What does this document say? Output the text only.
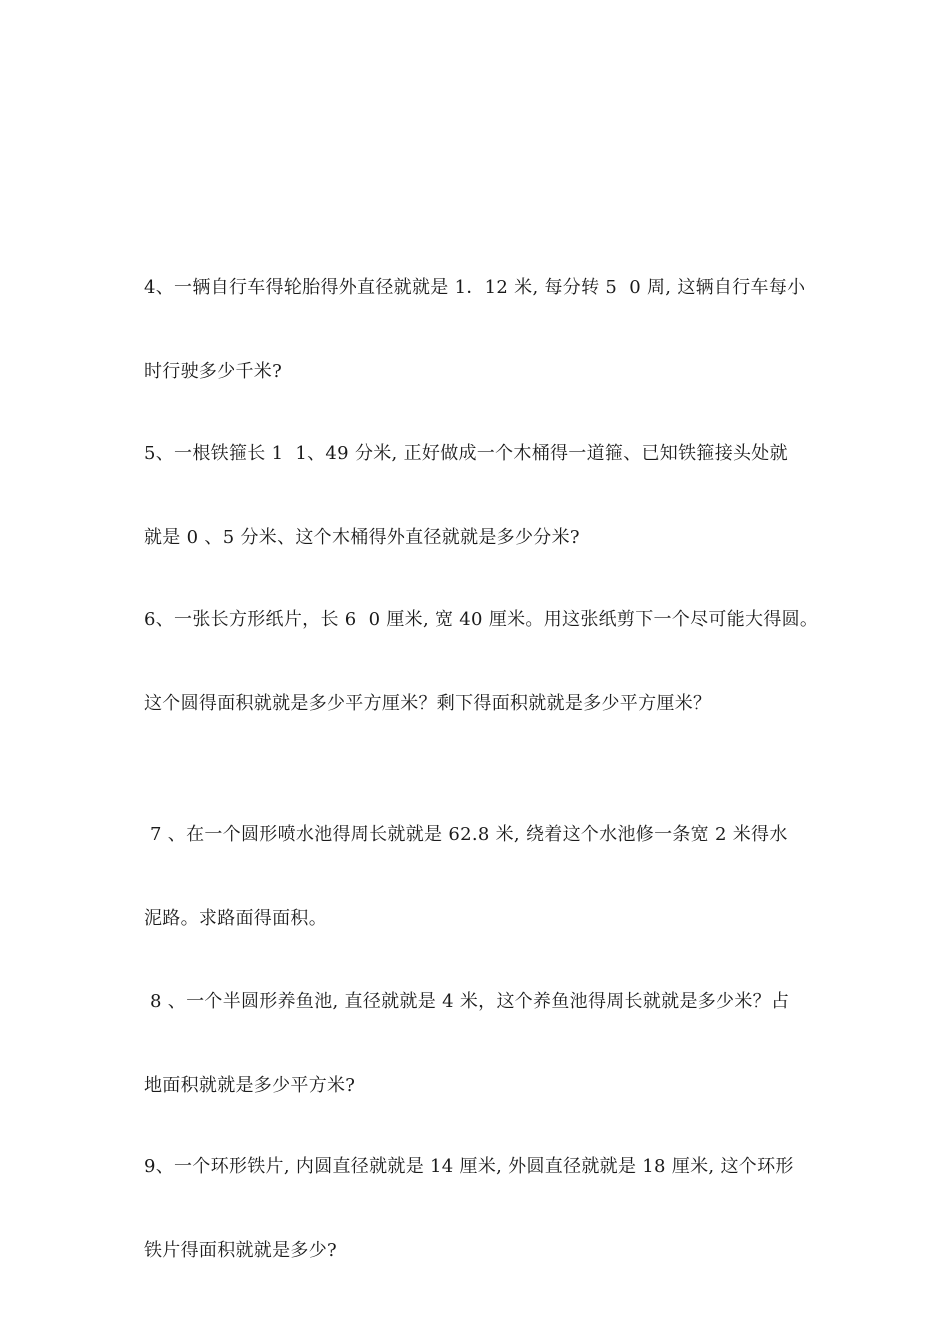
4、一辆自行车得轮胎得外直径就就是 1．12 米, 每分转 5  0 周, 这辆自行车每小

时行驶多少千米?

5、一根铁箍长 1  1、49 分米, 正好做成一个木桶得一道箍、已知铁箍接头处就

就是 0 、5 分米、这个木桶得外直径就就是多少分米?

6、一张长方形纸片，长 6  0 厘米, 宽 40 厘米。用这张纸剪下一个尽可能大得圆。

这个圆得面积就就是多少平方厘米？剩下得面积就就是多少平方厘米？

7 、在一个圆形喷水池得周长就就是 62.8 米, 绕着这个水池修一条宽 2 米得水

泥路。求路面得面积。

8 、一个半圆形养鱼池, 直径就就是 4 米，这个养鱼池得周长就就是多少米？占

地面积就就是多少平方米?

9、一个环形铁片, 内圆直径就就是 14 厘米, 外圆直径就就是 18 厘米, 这个环形

铁片得面积就就是多少?
